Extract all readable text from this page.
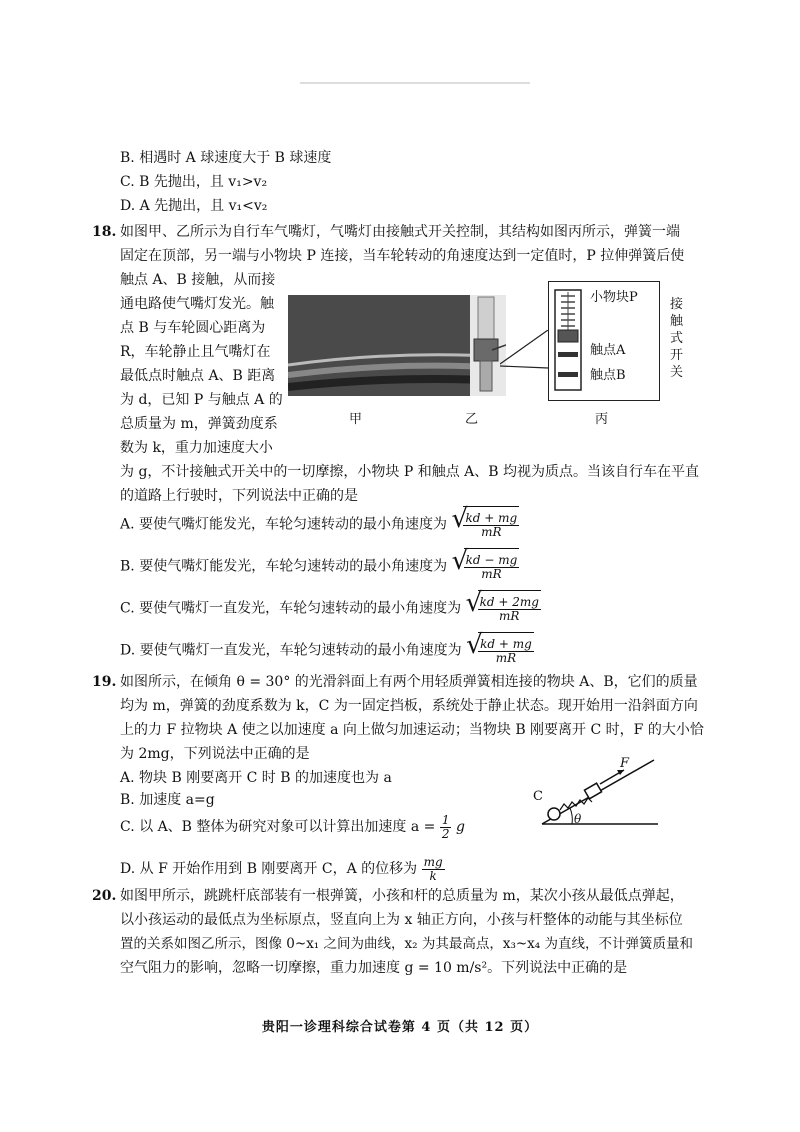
B. 相遇时 A 球速度大于 B 球速度
C. B 先抛出，且 v₁>v₂
D. A 先抛出，且 v₁<v₂
18. 如图甲、乙所示为自行车气嘴灯，气嘴灯由接触式开关控制，其结构如图丙所示，弹簧一端
固定在顶部，另一端与小物块 P 连接，当车轮转动的角速度达到一定值时，P 拉伸弹簧后使
触点 A、B 接触，从而接
通电路使气嘴灯发光。触
点 B 与车轮圆心距离为
R，车轮静止且气嘴灯在
最低点时触点 A、B 距离
为 d，已知 P 与触点 A 的
总质量为 m，弹簧劲度系
数为 k，重力加速度大小
小物块P
触点A
触点B
接触式开关
甲	乙	丙
为 g，不计接触式开关中的一切摩擦，小物块 P 和触点 A、B 均视为质点。当该自行车在平直
的道路上行驶时，下列说法中正确的是
A. 要使气嘴灯能发光，车轮匀速转动的最小角速度为 √
$\frac{kd + mg}{mR}$
B. 要使气嘴灯能发光，车轮匀速转动的最小角速度为 √
$\frac{kd - mg}{mR}$
C. 要使气嘴灯一直发光，车轮匀速转动的最小角速度为 √
$\frac{kd + 2mg}{mR}$
D. 要使气嘴灯一直发光，车轮匀速转动的最小角速度为 √
$\frac{kd + mg}{mR}$
19. 如图所示，在倾角 θ = 30° 的光滑斜面上有两个用轻质弹簧相连接的物块 A、B，它们的质量
均为 m，弹簧的劲度系数为 k，C 为一固定挡板，系统处于静止状态。现开始用一沿斜面方向
上的力 F 拉物块 A 使之以加速度 a 向上做匀加速运动；当物块 B 刚要离开 C 时，F 的大小恰
为 2mg，下列说法中正确的是
A. 物块 B 刚要离开 C 时 B 的加速度也为 a
B. 加速度 a=g
C. 以 A、B 整体为研究对象可以计算出加速度 $a = \frac{1}{2}$ g
D. 从 F 开始作用到 B 刚要离开 C，A 的位移为 $\frac{mg}{k}$
C
F
θ
20. 如图甲所示，跳跳杆底部装有一根弹簧，小孩和杆的总质量为 m，某次小孩从最低点弹起，
以小孩运动的最低点为坐标原点，竖直向上为 x 轴正方向，小孩与杆整体的动能与其坐标位
置的关系如图乙所示，图像 0~x₁ 之间为曲线，x₂ 为其最高点，x₃~x₄ 为直线，不计弹簧质量和
空气阻力的影响，忽略一切摩擦，重力加速度 g = 10 m/s²。下列说法中正确的是
贵阳一诊理科综合试卷第 4 页（共 12 页）
